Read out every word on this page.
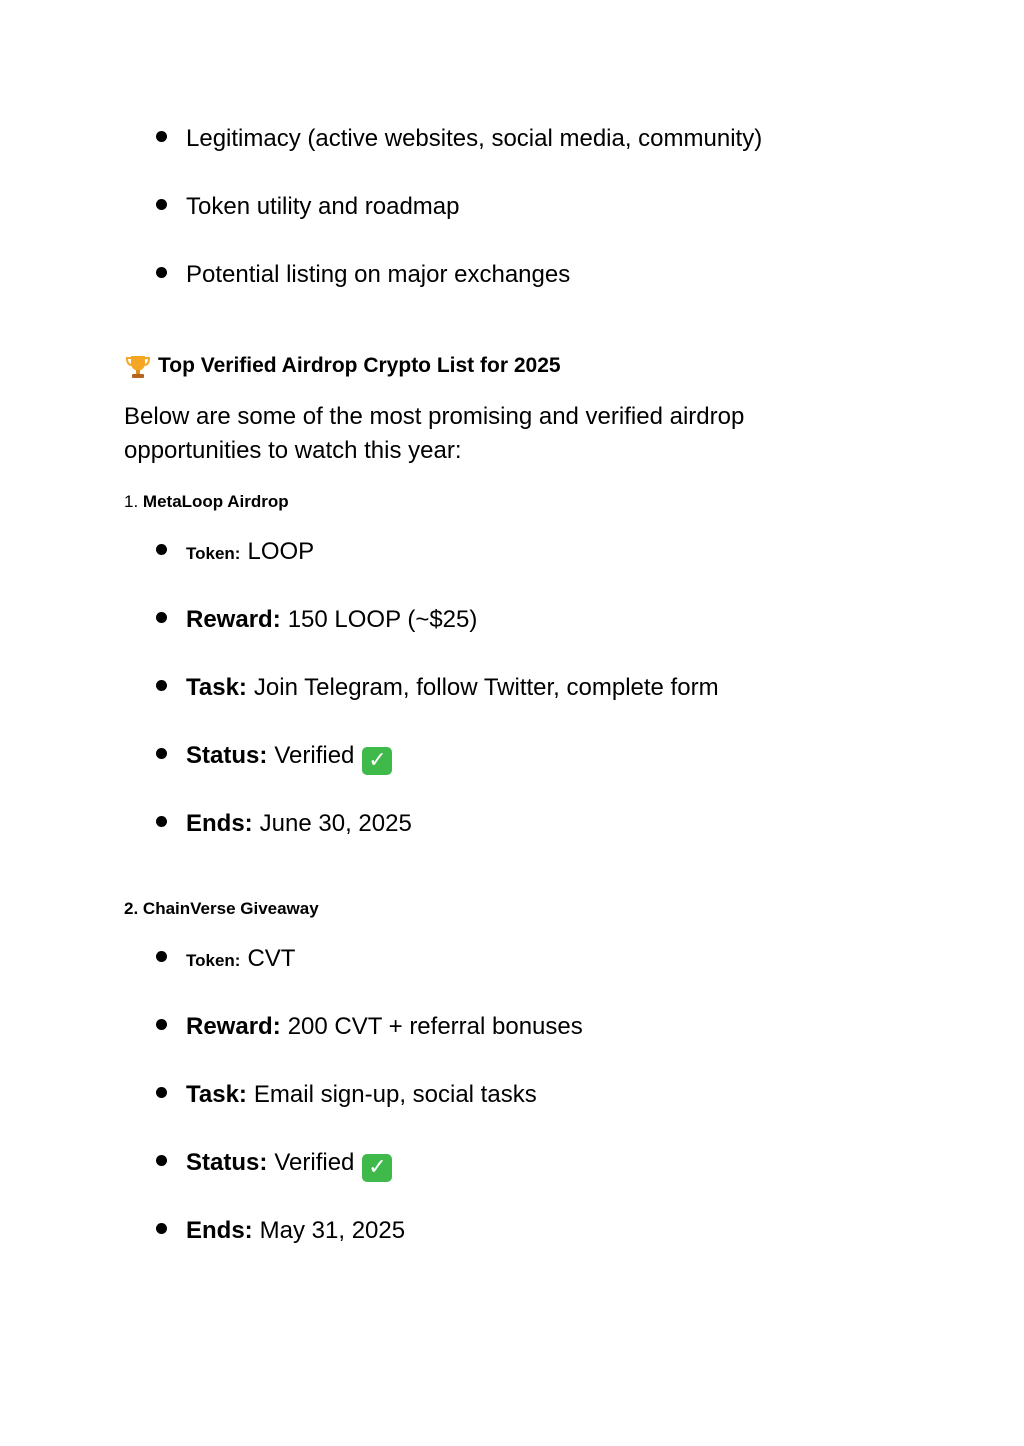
Legitimacy (active websites, social media, community)
Token utility and roadmap
Potential listing on major exchanges
Top Verified Airdrop Crypto List for 2025
Below are some of the most promising and verified airdrop
opportunities to watch this year:
1. MetaLoop Airdrop
Token: LOOP
Reward: 150 LOOP (~$25)
Task: Join Telegram, follow Twitter, complete form
Status: Verified ✓
Ends: June 30, 2025
2. ChainVerse Giveaway
Token: CVT
Reward: 200 CVT + referral bonuses
Task: Email sign-up, social tasks
Status: Verified ✓
Ends: May 31, 2025
